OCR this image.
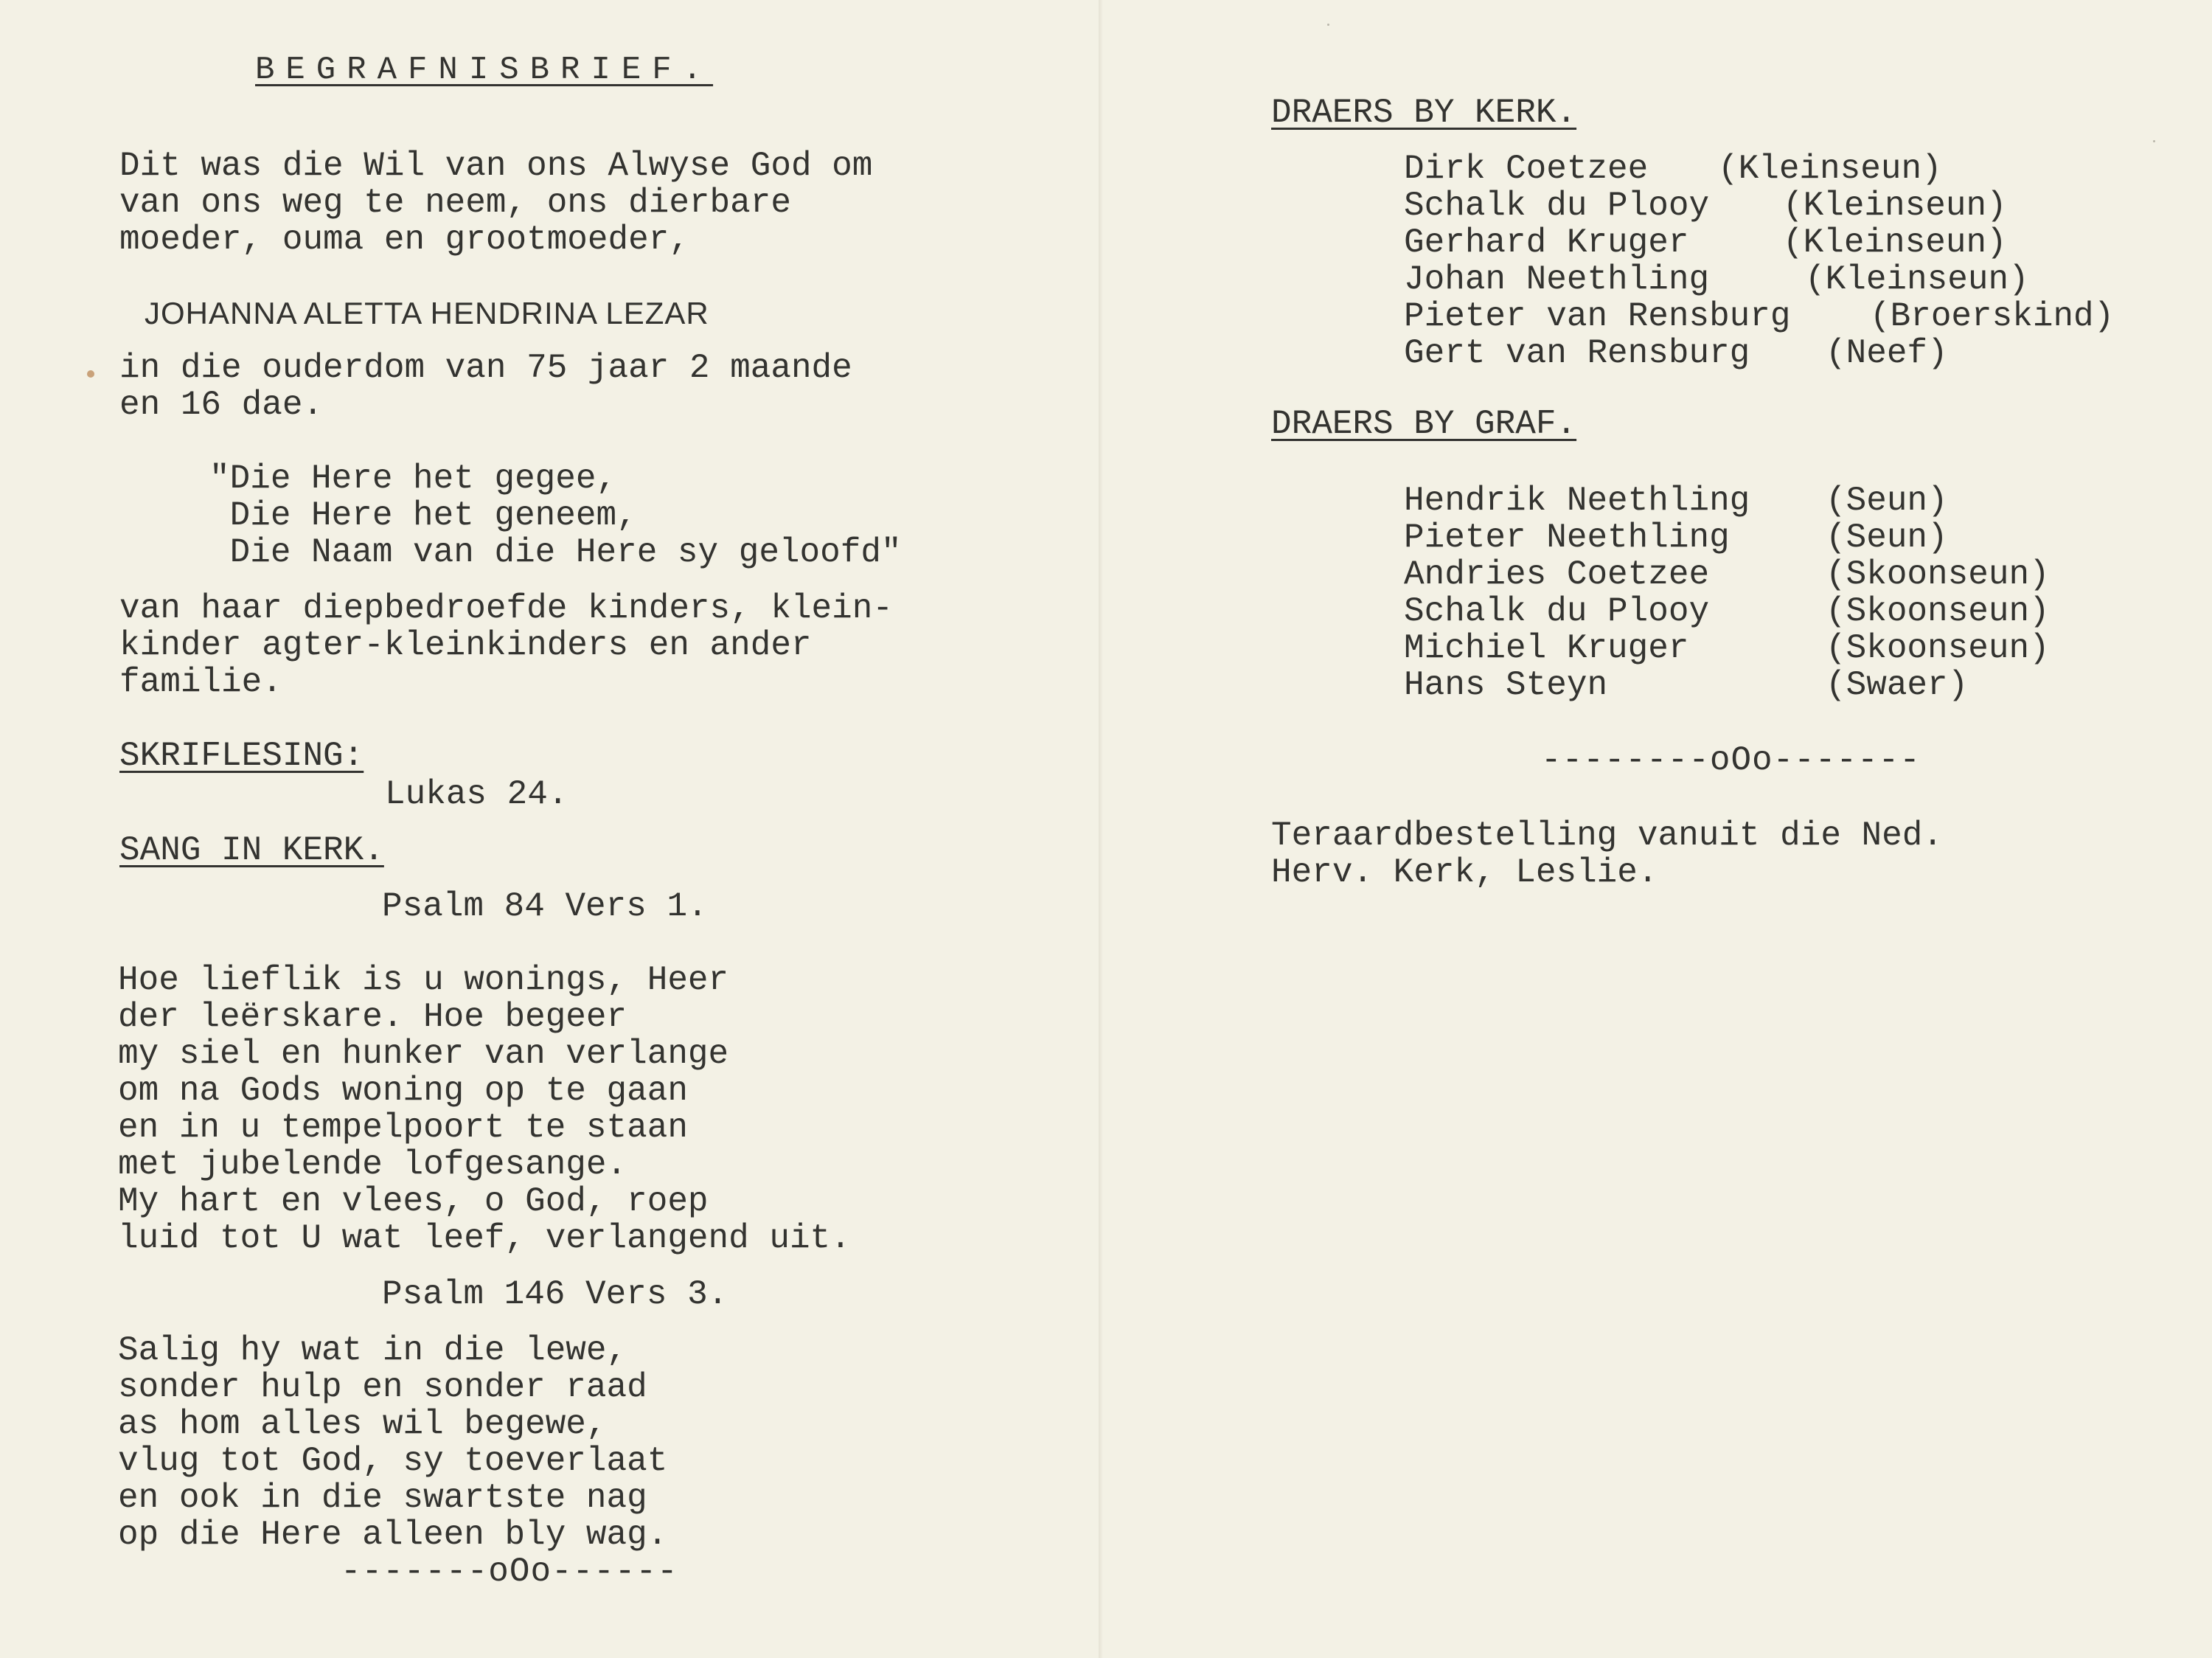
BEGRAFNISBRIEF.

Dit was die Wil van ons Alwyse God om

van ons weg te neem, ons dierbare

moeder, ouma en grootmoeder,

JOHANNA ALETTA HENDRINA LEZAR

in die ouderdom van 75 jaar 2 maande

en 16 dae.

"Die Here het gegee,

Die Here het geneem,

Die Naam van die Here sy geloofd"

van haar diepbedroefde kinders, klein-

kinder agter-kleinkinders en ander

familie.

SKRIFLESING:

Lukas 24.

SANG IN KERK.

Psalm 84 Vers 1.

Hoe lieflik is u wonings, Heer

der leërskare. Hoe begeer

my siel en hunker van verlange

om na Gods woning op te gaan

en in u tempelpoort te staan

met jubelende lofgesange.

My hart en vlees, o God, roep

luid tot U wat leef, verlangend uit.

Psalm 146 Vers 3.

Salig hy wat in die lewe,

sonder hulp en sonder raad

as hom alles wil begewe,

vlug tot God, sy toeverlaat

en ook in die swartste nag

op die Here alleen bly wag.

-------oOo------

DRAERS BY KERK.

Dirk Coetzee (Kleinseun)

Schalk du Plooy (Kleinseun)

Gerhard Kruger	(Kleinseun)

Johan Neethling	(Kleinseun)

Pieter van Rensburg (Broerskind)

Gert van Rensburg (Neef)

DRAERS BY GRAF.

Hendrik Neethling (Seun)

Pieter Neethling	(Seun)

Andries Coetzee	(Skoonseun)

Schalk du Plooy	(Skoonseun)

Michiel Kruger	(Skoonseun)

Hans Steyn	(Swaer)

--------oOo-------

Teraardbestelling vanuit die Ned.

Herv. Kerk, Leslie.
